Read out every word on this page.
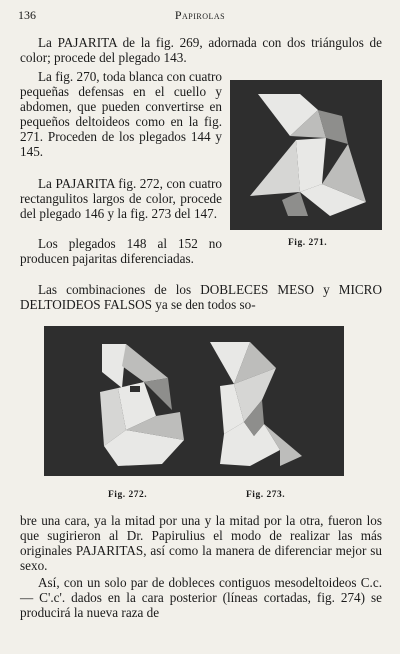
136	Papirolas

La PAJARITA de la fig. 269, adornada con dos triángulos de color; procede del plegado 143.

La fig. 270, toda blanca con cuatro pequeñas defensas en el cuello y abdomen, que pueden convertirse en pequeños deltoideos como en la fig. 271. Proceden de los plegados 144 y 145.

La PAJARITA fig. 272, con cuatro rectangulitos largos de color, procede del plegado 146 y la fig. 273 del 147.

Los plegados 148 al 152 no producen pajaritas diferenciadas.

Fig. 271.

Las combinaciones de los DOBLECES MESO y MICRO DELTOIDEOS FALSOS ya se den todos so-

Fig. 272.	Fig. 273.

bre una cara, ya la mitad por una y la mitad por la otra, fueron los que sugirieron al Dr. Papirulius el modo de realizar las más originales PAJARITAS, así como la manera de diferenciar mejor su sexo.

Así, con un solo par de dobleces contiguos mesodeltoideos C.c. — C'.c'. dados en la cara posterior (líneas cortadas, fig. 274) se producirá la nueva raza de
